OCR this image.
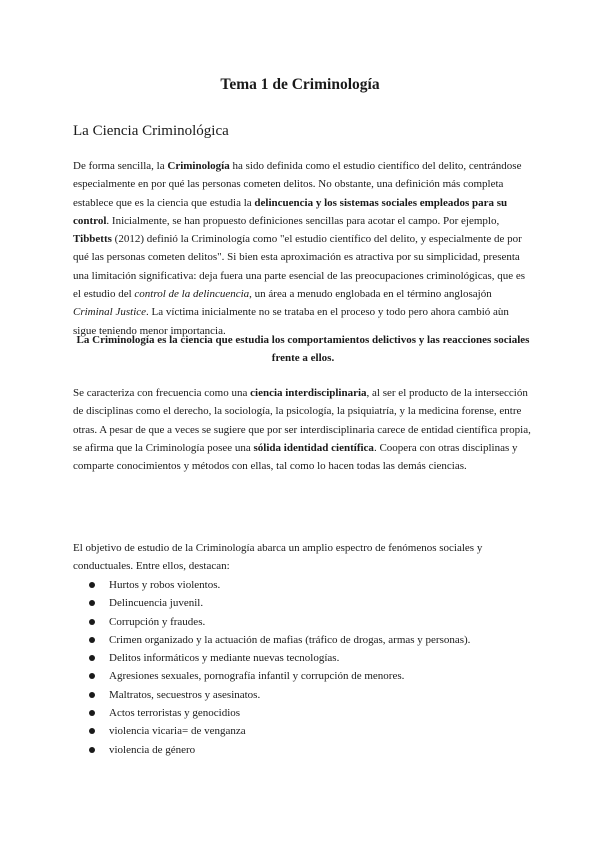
Tema 1 de Criminología
La Ciencia Criminológica

De forma sencilla, la Criminología ha sido definida como el estudio científico del delito, centrándose especialmente en por qué las personas cometen delitos. No obstante, una definición más completa establece que es la ciencia que estudia la delincuencia y los sistemas sociales empleados para su control. Inicialmente, se han propuesto definiciones sencillas para acotar el campo. Por ejemplo, Tibbetts (2012) definió la Criminología como "el estudio científico del delito, y especialmente de por qué las personas cometen delitos". Si bien esta aproximación es atractiva por su simplicidad, presenta una limitación significativa: deja fuera una parte esencial de las preocupaciones criminológicas, que es el estudio del control de la delincuencia, un área a menudo englobada en el término anglosajón Criminal Justice. La víctima inicialmente no se trataba en el proceso y todo pero ahora cambió aùn sigue teniendo menor importancia.

La Criminología es la ciencia que estudia los comportamientos delictivos y las reacciones sociales frente a ellos.

Se caracteriza con frecuencia como una ciencia interdisciplinaria, al ser el producto de la intersección de disciplinas como el derecho, la sociología, la psicología, la psiquiatría, y la medicina forense, entre otras. A pesar de que a veces se sugiere que por ser interdisciplinaria carece de entidad científica propia, se afirma que la Criminología posee una sólida identidad científica. Coopera con otras disciplinas y comparte conocimientos y métodos con ellas, tal como lo hacen todas las demás ciencias.

El objetivo de estudio de la Criminología abarca un amplio espectro de fenómenos sociales y conductuales. Entre ellos, destacan:

Hurtos y robos violentos.
Delincuencia juvenil.
Corrupción y fraudes.
Crimen organizado y la actuación de mafias (tráfico de drogas, armas y personas).
Delitos informáticos y mediante nuevas tecnologías.
Agresiones sexuales, pornografía infantil y corrupción de menores.
Maltratos, secuestros y asesinatos.
Actos terroristas y genocidios
violencia vicaria= de venganza
violencia de género
